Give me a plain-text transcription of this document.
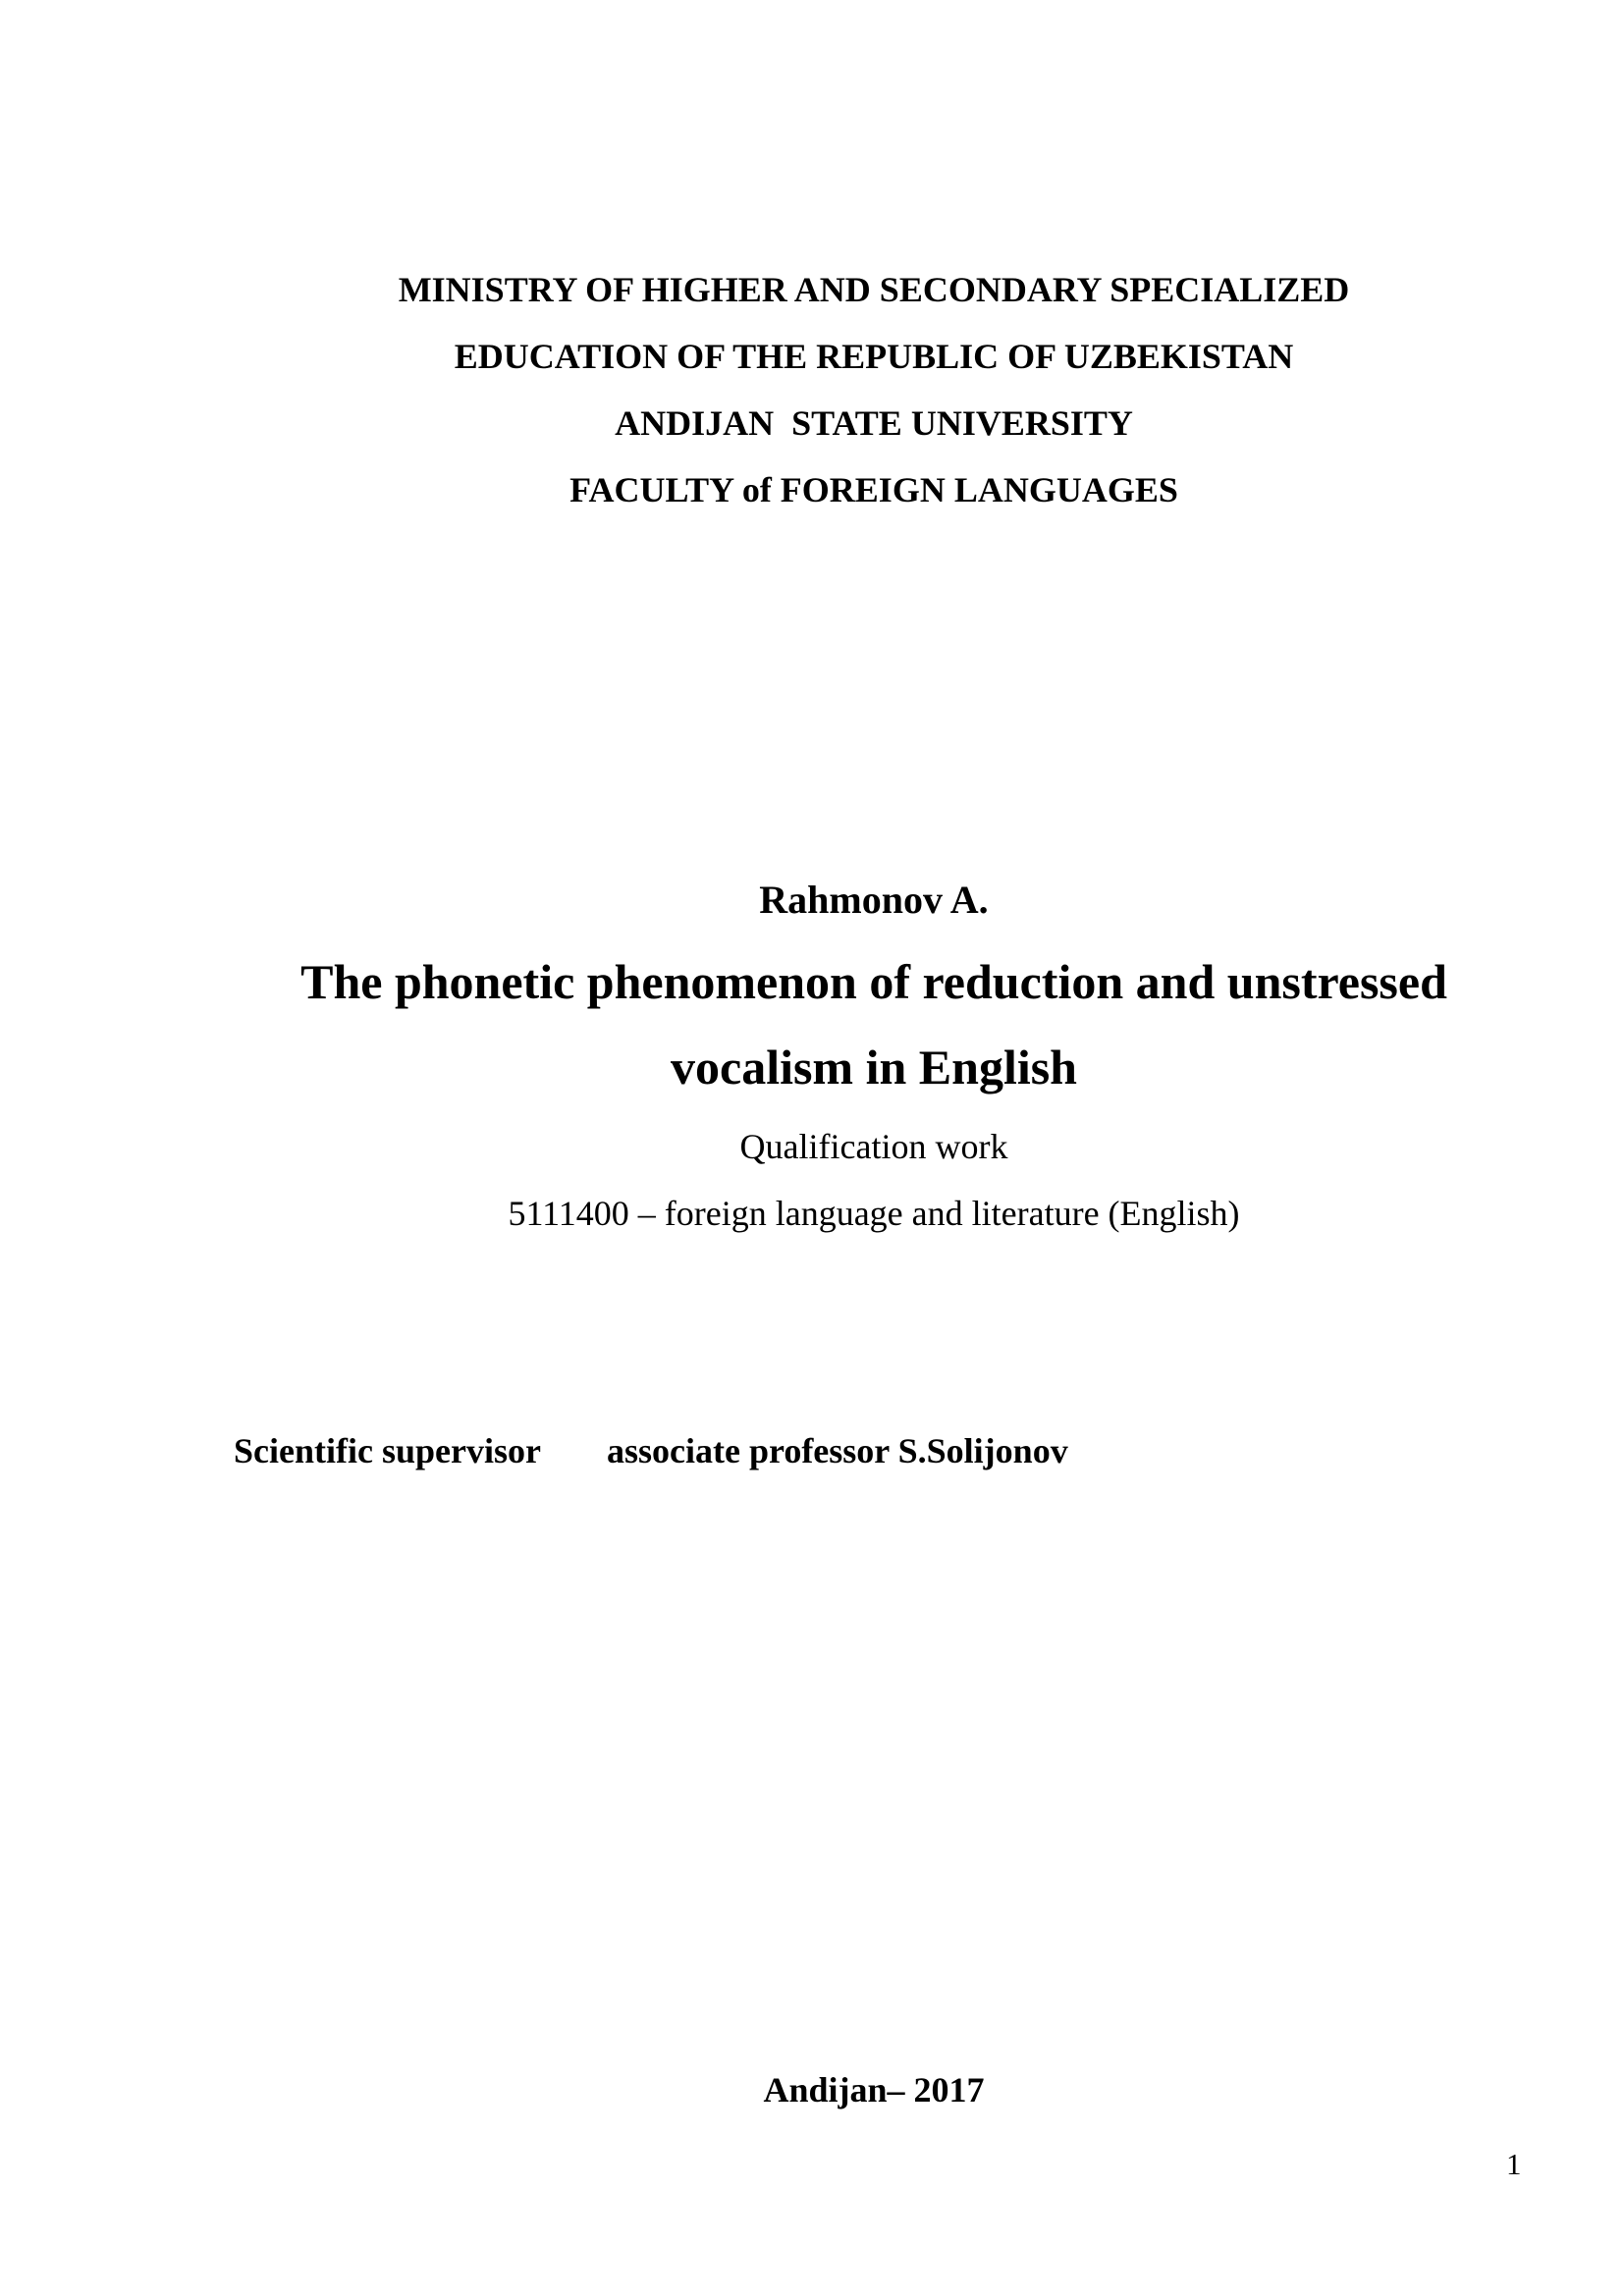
MINISTRY OF HIGHER AND SECONDARY SPECIALIZED
EDUCATION OF THE REPUBLIC OF UZBEKISTAN
ANDIJAN  STATE UNIVERSITY
FACULTY of FOREIGN LANGUAGES
Rahmonov A.
The phonetic phenomenon of reduction and unstressed
vocalism in English
Qualification work
5111400 – foreign language and literature (English)
Scientific supervisor associate professor S.Solijonov
Andijan– 2017
1
